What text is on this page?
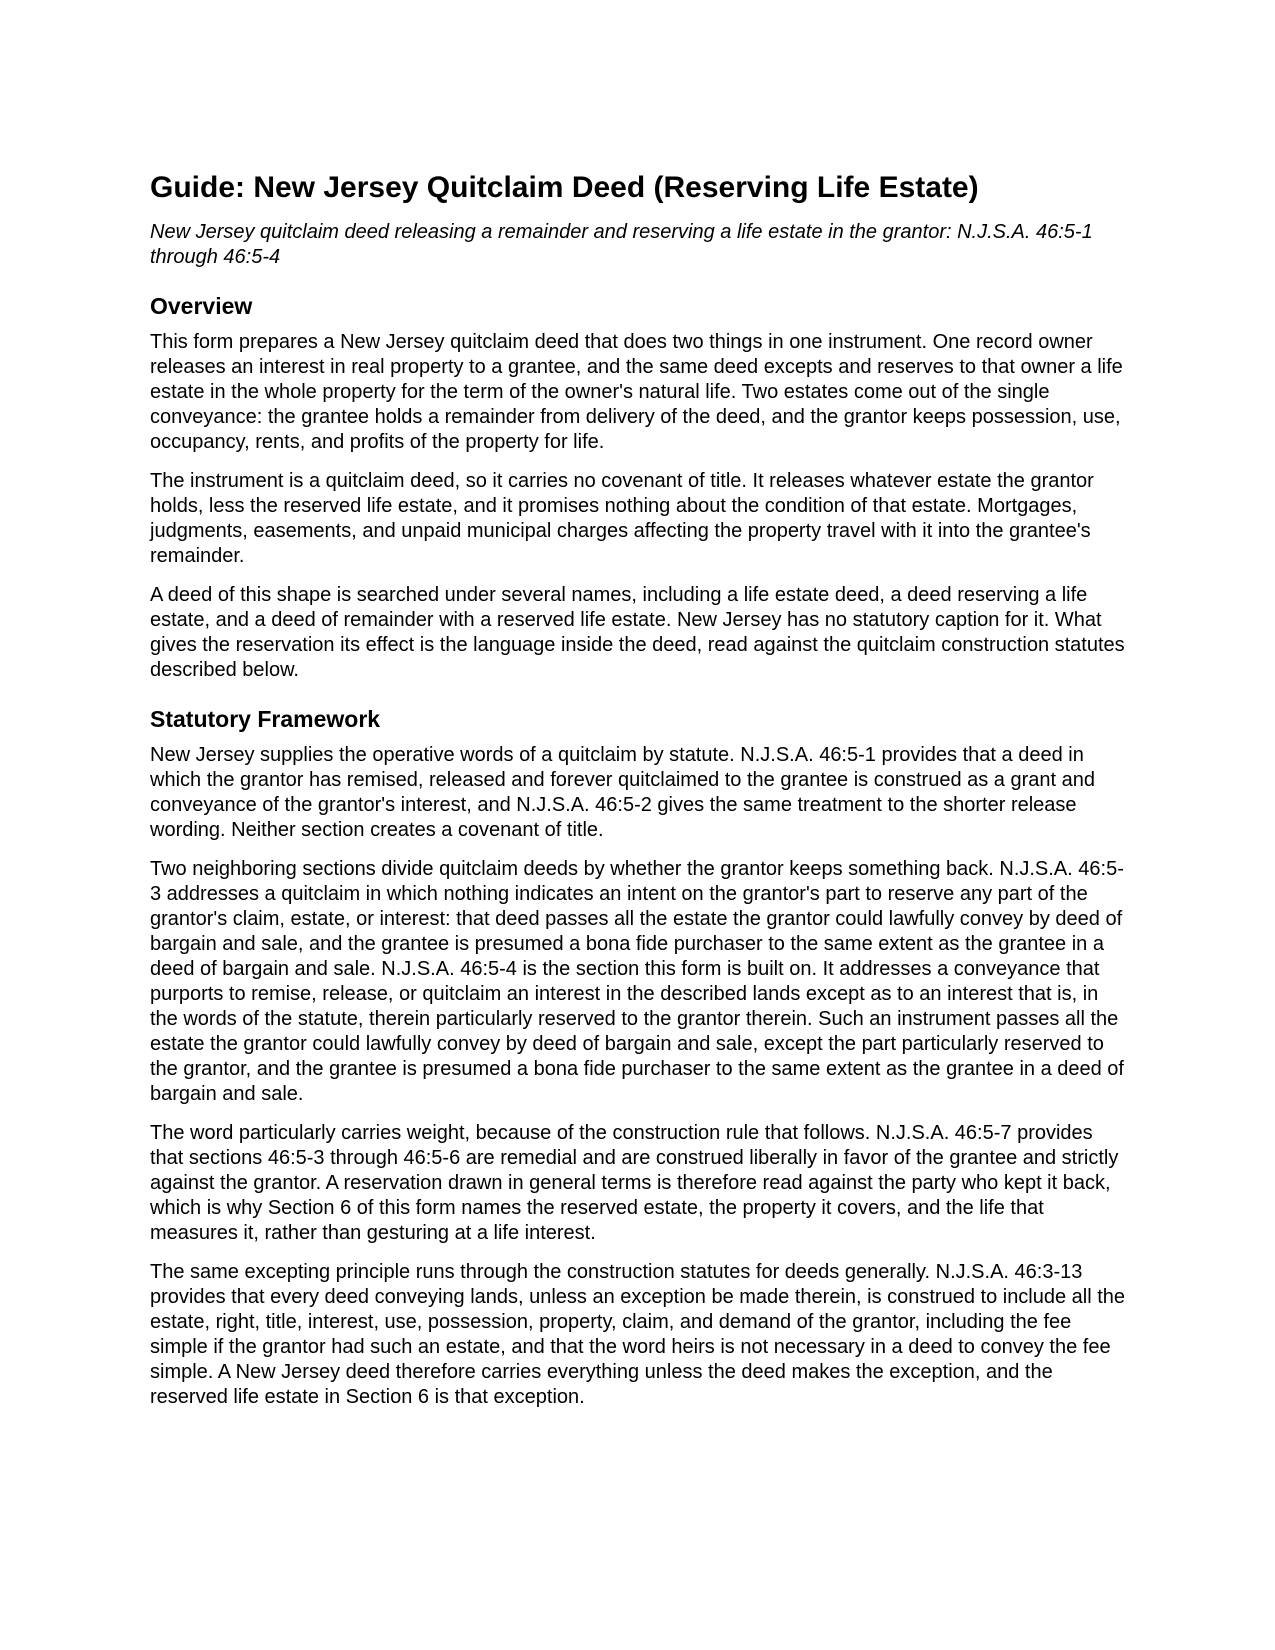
Guide: New Jersey Quitclaim Deed (Reserving Life Estate)

New Jersey quitclaim deed releasing a remainder and reserving a life estate in the grantor: N.J.S.A. 46:5-1 through 46:5-4

Overview

This form prepares a New Jersey quitclaim deed that does two things in one instrument. One record owner releases an interest in real property to a grantee, and the same deed excepts and reserves to that owner a life estate in the whole property for the term of the owner's natural life. Two estates come out of the single conveyance: the grantee holds a remainder from delivery of the deed, and the grantor keeps possession, use, occupancy, rents, and profits of the property for life.

The instrument is a quitclaim deed, so it carries no covenant of title. It releases whatever estate the grantor holds, less the reserved life estate, and it promises nothing about the condition of that estate. Mortgages, judgments, easements, and unpaid municipal charges affecting the property travel with it into the grantee's remainder.

A deed of this shape is searched under several names, including a life estate deed, a deed reserving a life estate, and a deed of remainder with a reserved life estate. New Jersey has no statutory caption for it. What gives the reservation its effect is the language inside the deed, read against the quitclaim construction statutes described below.

Statutory Framework

New Jersey supplies the operative words of a quitclaim by statute. N.J.S.A. 46:5-1 provides that a deed in which the grantor has remised, released and forever quitclaimed to the grantee is construed as a grant and conveyance of the grantor's interest, and N.J.S.A. 46:5-2 gives the same treatment to the shorter release wording. Neither section creates a covenant of title.

Two neighboring sections divide quitclaim deeds by whether the grantor keeps something back. N.J.S.A. 46:5-3 addresses a quitclaim in which nothing indicates an intent on the grantor's part to reserve any part of the grantor's claim, estate, or interest: that deed passes all the estate the grantor could lawfully convey by deed of bargain and sale, and the grantee is presumed a bona fide purchaser to the same extent as the grantee in a deed of bargain and sale. N.J.S.A. 46:5-4 is the section this form is built on. It addresses a conveyance that purports to remise, release, or quitclaim an interest in the described lands except as to an interest that is, in the words of the statute, therein particularly reserved to the grantor therein. Such an instrument passes all the estate the grantor could lawfully convey by deed of bargain and sale, except the part particularly reserved to the grantor, and the grantee is presumed a bona fide purchaser to the same extent as the grantee in a deed of bargain and sale.

The word particularly carries weight, because of the construction rule that follows. N.J.S.A. 46:5-7 provides that sections 46:5-3 through 46:5-6 are remedial and are construed liberally in favor of the grantee and strictly against the grantor. A reservation drawn in general terms is therefore read against the party who kept it back, which is why Section 6 of this form names the reserved estate, the property it covers, and the life that measures it, rather than gesturing at a life interest.

The same excepting principle runs through the construction statutes for deeds generally. N.J.S.A. 46:3-13 provides that every deed conveying lands, unless an exception be made therein, is construed to include all the estate, right, title, interest, use, possession, property, claim, and demand of the grantor, including the fee simple if the grantor had such an estate, and that the word heirs is not necessary in a deed to convey the fee simple. A New Jersey deed therefore carries everything unless the deed makes the exception, and the reserved life estate in Section 6 is that exception.
